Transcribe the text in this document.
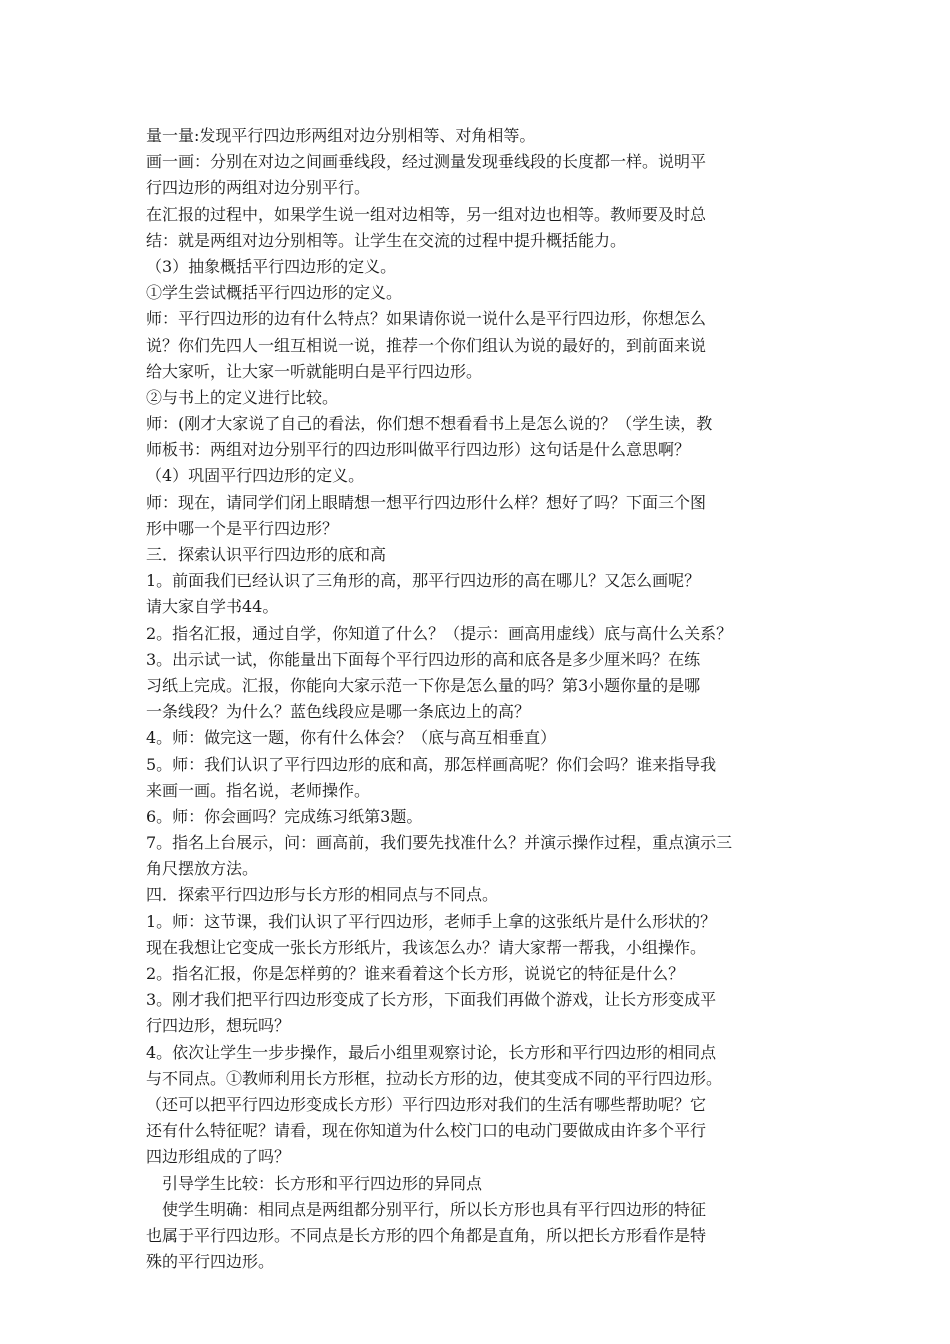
量一量:发现平行四边形两组对边分别相等、对角相等。
画一画：分别在对边之间画垂线段，经过测量发现垂线段的长度都一样。说明平
行四边形的两组对边分别平行。
在汇报的过程中，如果学生说一组对边相等，另一组对边也相等。教师要及时总
结：就是两组对边分别相等。让学生在交流的过程中提升概括能力。
（3）抽象概括平行四边形的定义。
①学生尝试概括平行四边形的定义。
师：平行四边形的边有什么特点？如果请你说一说什么是平行四边形，你想怎么
说？你们先四人一组互相说一说，推荐一个你们组认为说的最好的，到前面来说
给大家听，让大家一听就能明白是平行四边形。
②与书上的定义进行比较。
师：(刚才大家说了自己的看法，你们想不想看看书上是怎么说的？（学生读，教
师板书：两组对边分别平行的四边形叫做平行四边形）这句话是什么意思啊？
（4）巩固平行四边形的定义。
师：现在，请同学们闭上眼睛想一想平行四边形什么样？想好了吗？下面三个图
形中哪一个是平行四边形？
三．探索认识平行四边形的底和高
1。前面我们已经认识了三角形的高，那平行四边形的高在哪儿？又怎么画呢？
请大家自学书44。
2。指名汇报，通过自学，你知道了什么？（提示：画高用虚线）底与高什么关系？
3。出示试一试，你能量出下面每个平行四边形的高和底各是多少厘米吗？在练
习纸上完成。汇报，你能向大家示范一下你是怎么量的吗？第3小题你量的是哪
一条线段？为什么？蓝色线段应是哪一条底边上的高？
4。师：做完这一题，你有什么体会？（底与高互相垂直）
5。师：我们认识了平行四边形的底和高，那怎样画高呢？你们会吗？谁来指导我
来画一画。指名说，老师操作。
6。师：你会画吗？完成练习纸第3题。
7。指名上台展示，问：画高前，我们要先找准什么？并演示操作过程，重点演示三
角尺摆放方法。
四．探索平行四边形与长方形的相同点与不同点。
1。师：这节课，我们认识了平行四边形，老师手上拿的这张纸片是什么形状的？
现在我想让它变成一张长方形纸片，我该怎么办？请大家帮一帮我，小组操作。
2。指名汇报，你是怎样剪的？谁来看着这个长方形，说说它的特征是什么？
3。刚才我们把平行四边形变成了长方形，下面我们再做个游戏，让长方形变成平
行四边形，想玩吗？
4。依次让学生一步步操作，最后小组里观察讨论，长方形和平行四边形的相同点
与不同点。①教师利用长方形框，拉动长方形的边，使其变成不同的平行四边形。
（还可以把平行四边形变成长方形）平行四边形对我们的生活有哪些帮助呢？它
还有什么特征呢？请看，现在你知道为什么校门口的电动门要做成由许多个平行
四边形组成的了吗？
引导学生比较：长方形和平行四边形的异同点
使学生明确：相同点是两组都分别平行，所以长方形也具有平行四边形的特征
也属于平行四边形。不同点是长方形的四个角都是直角，所以把长方形看作是特
殊的平行四边形。
